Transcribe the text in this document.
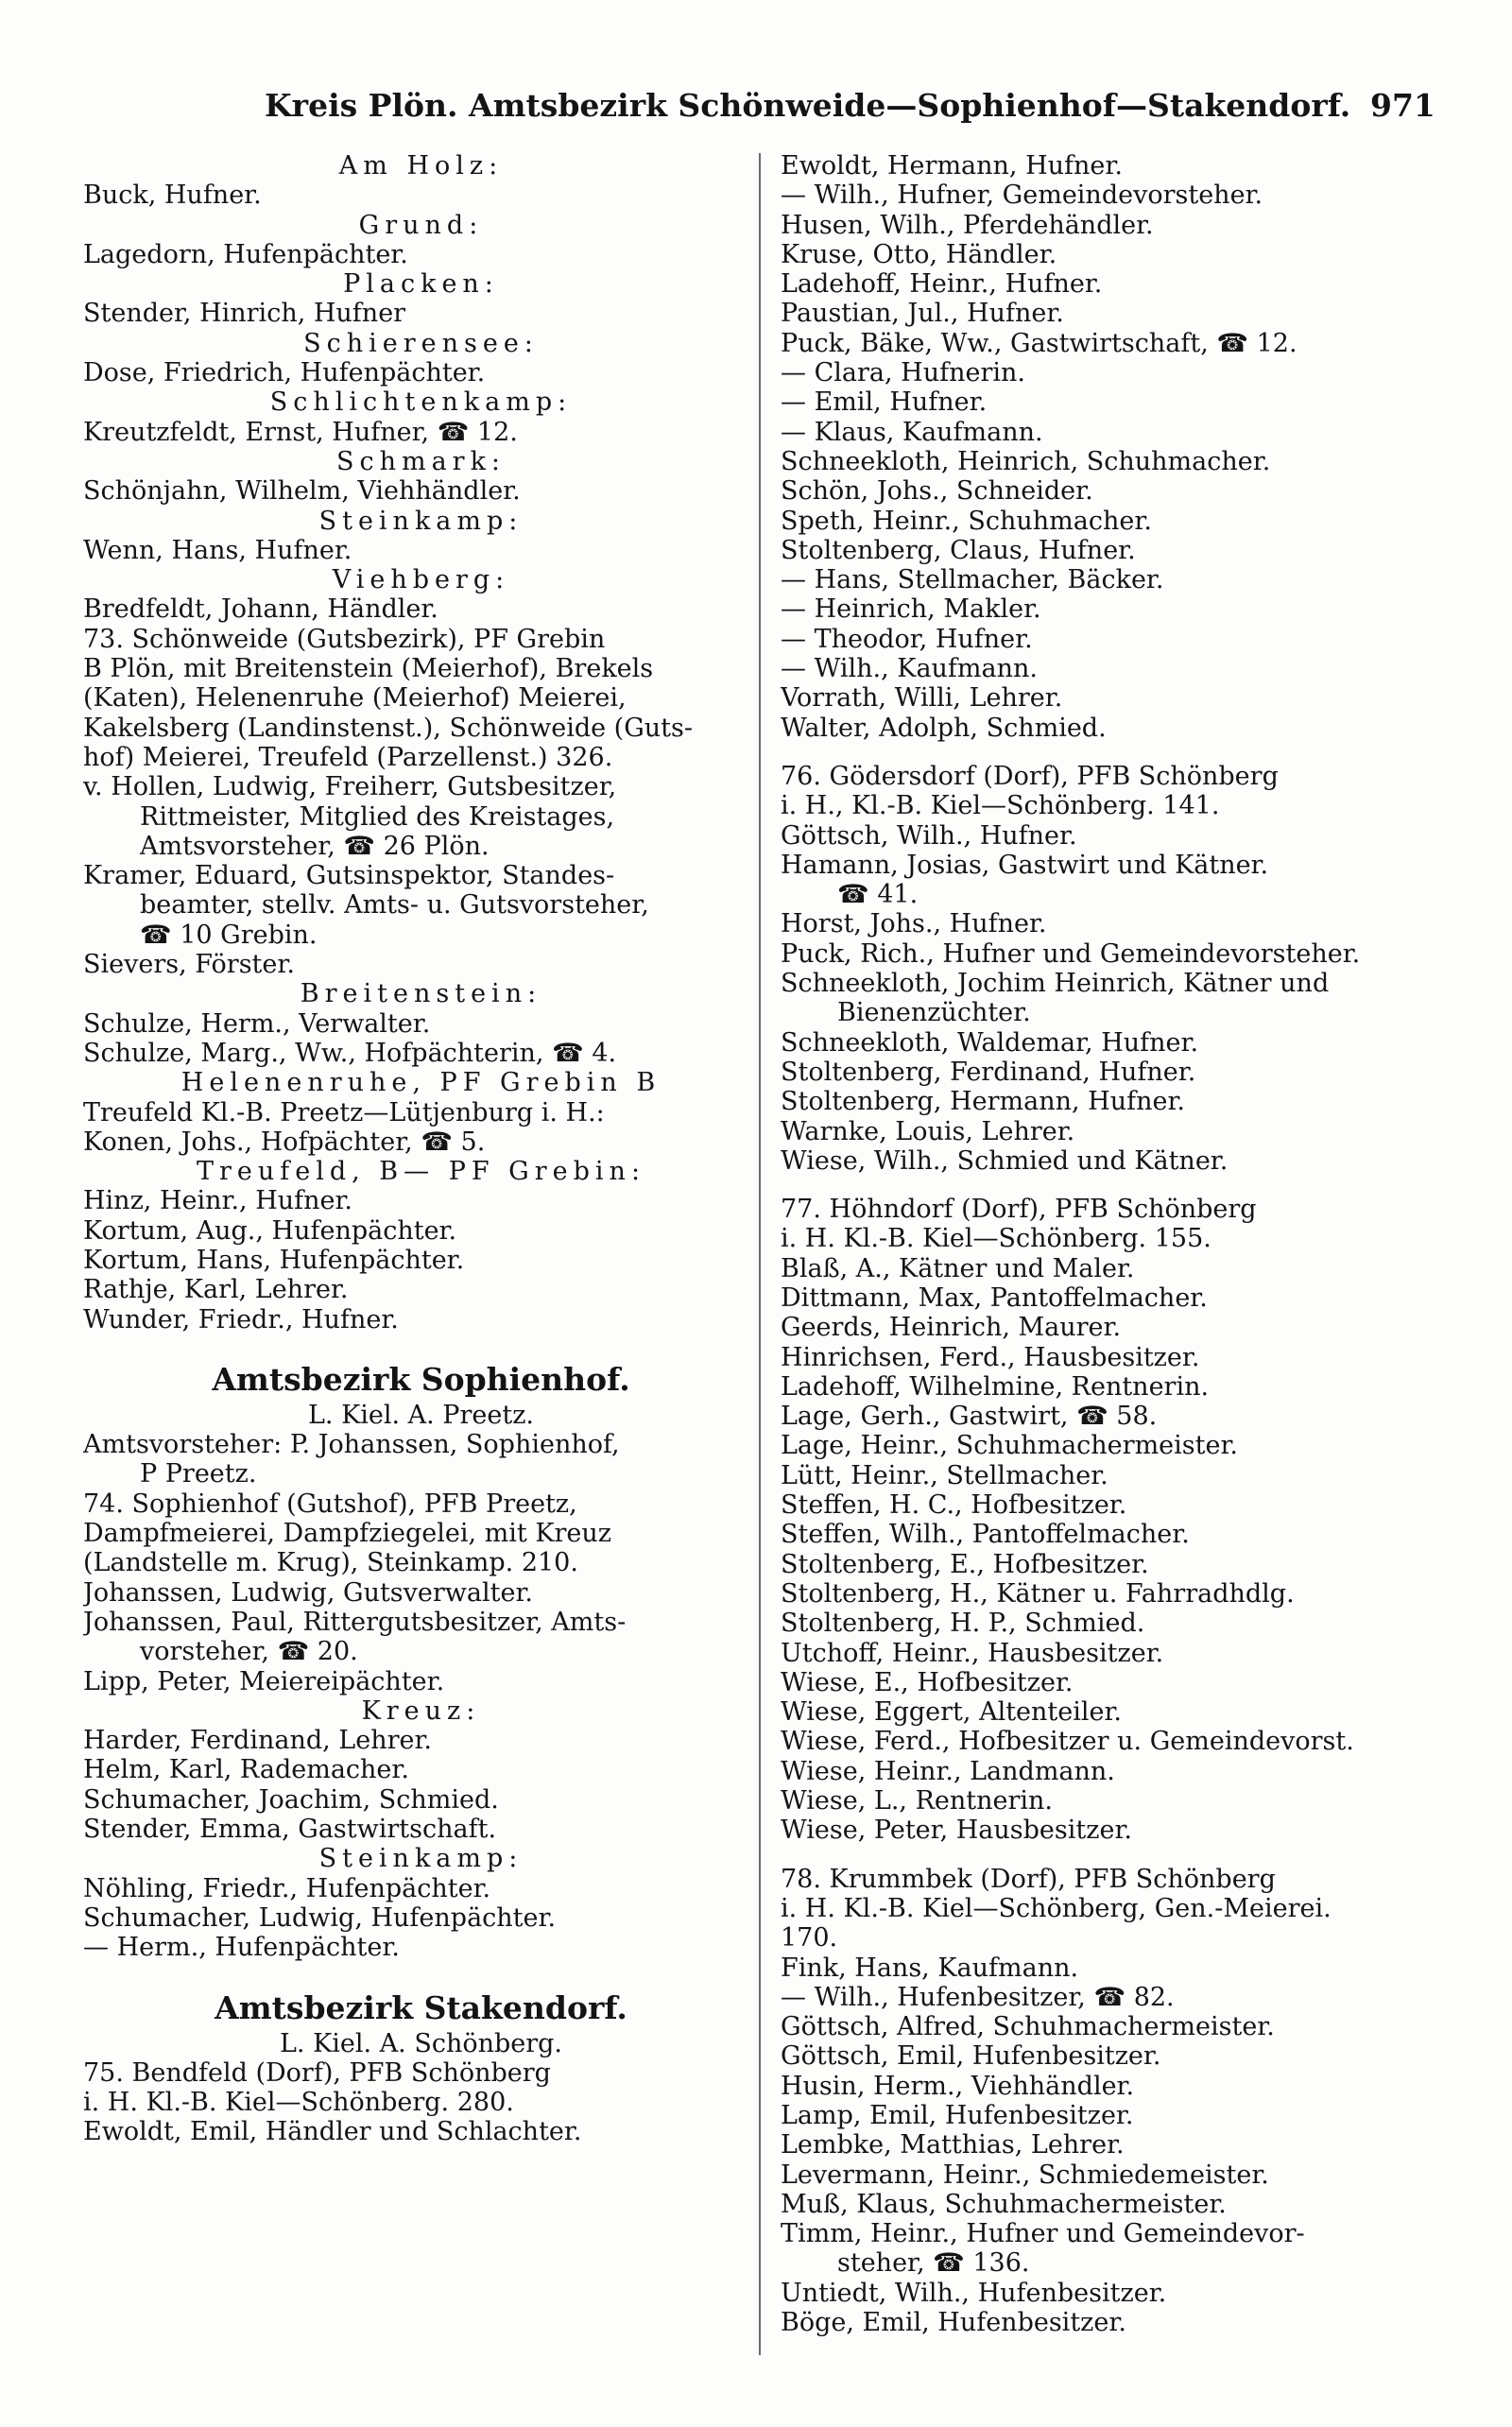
Kreis Plön. Amtsbezirk Schönweide—Sophienhof—Stakendorf. 971
Am Holz:
Buck, Hufner.
Grund:
Lagedorn, Hufenpächter.
Placken:
Stender, Hinrich, Hufner
Schierensee:
Dose, Friedrich, Hufenpächter.
Schlichtenkamp:
Kreutzfeldt, Ernst, Hufner, ☎ 12.
Schmark:
Schönjahn, Wilhelm, Viehhändler.
Steinkamp:
Wenn, Hans, Hufner.
Viehberg:
Bredfeldt, Johann, Händler.
73. Schönweide (Gutsbezirk), PF Grebin
B Plön, mit Breitenstein (Meierhof), Brekels
(Katen), Helenenruhe (Meierhof) Meierei,
Kakelsberg (Landinstenst.), Schönweide (Guts-
hof) Meierei, Treufeld (Parzellenst.) 326.
v. Hollen, Ludwig, Freiherr, Gutsbesitzer,
Rittmeister, Mitglied des Kreistages,
Amtsvorsteher, ☎ 26 Plön.
Kramer, Eduard, Gutsinspektor, Standes-
beamter, stellv. Amts- u. Gutsvorsteher,
☎ 10 Grebin.
Sievers, Förster.
Breitenstein:
Schulze, Herm., Verwalter.
Schulze, Marg., Ww., Hofpächterin, ☎ 4.
Helenenruhe, PF Grebin B
Treufeld Kl.-B. Preetz—Lütjenburg i. H.:
Konen, Johs., Hofpächter, ☎ 5.
Treufeld, B— PF Grebin:
Hinz, Heinr., Hufner.
Kortum, Aug., Hufenpächter.
Kortum, Hans, Hufenpächter.
Rathje, Karl, Lehrer.
Wunder, Friedr., Hufner.
Amtsbezirk Sophienhof.
L. Kiel. A. Preetz.
Amtsvorsteher: P. Johanssen, Sophienhof,
P Preetz.
74. Sophienhof (Gutshof), PFB Preetz,
Dampfmeierei, Dampfziegelei, mit Kreuz
(Landstelle m. Krug), Steinkamp. 210.
Johanssen, Ludwig, Gutsverwalter.
Johanssen, Paul, Rittergutsbesitzer, Amts-
vorsteher, ☎ 20.
Lipp, Peter, Meiereipächter.
Kreuz:
Harder, Ferdinand, Lehrer.
Helm, Karl, Rademacher.
Schumacher, Joachim, Schmied.
Stender, Emma, Gastwirtschaft.
Steinkamp:
Nöhling, Friedr., Hufenpächter.
Schumacher, Ludwig, Hufenpächter.
— Herm., Hufenpächter.
Amtsbezirk Stakendorf.
L. Kiel. A. Schönberg.
75. Bendfeld (Dorf), PFB Schönberg
i. H. Kl.-B. Kiel—Schönberg. 280.
Ewoldt, Emil, Händler und Schlachter.
Ewoldt, Hermann, Hufner.
— Wilh., Hufner, Gemeindevorsteher.
Husen, Wilh., Pferdehändler.
Kruse, Otto, Händler.
Ladehoff, Heinr., Hufner.
Paustian, Jul., Hufner.
Puck, Bäke, Ww., Gastwirtschaft, ☎ 12.
— Clara, Hufnerin.
— Emil, Hufner.
— Klaus, Kaufmann.
Schneekloth, Heinrich, Schuhmacher.
Schön, Johs., Schneider.
Speth, Heinr., Schuhmacher.
Stoltenberg, Claus, Hufner.
— Hans, Stellmacher, Bäcker.
— Heinrich, Makler.
— Theodor, Hufner.
— Wilh., Kaufmann.
Vorrath, Willi, Lehrer.
Walter, Adolph, Schmied.
76. Gödersdorf (Dorf), PFB Schönberg
i. H., Kl.-B. Kiel—Schönberg. 141.
Göttsch, Wilh., Hufner.
Hamann, Josias, Gastwirt und Kätner.
☎ 41.
Horst, Johs., Hufner.
Puck, Rich., Hufner und Gemeindevorsteher.
Schneekloth, Jochim Heinrich, Kätner und
Bienenzüchter.
Schneekloth, Waldemar, Hufner.
Stoltenberg, Ferdinand, Hufner.
Stoltenberg, Hermann, Hufner.
Warnke, Louis, Lehrer.
Wiese, Wilh., Schmied und Kätner.
77. Höhndorf (Dorf), PFB Schönberg
i. H. Kl.-B. Kiel—Schönberg. 155.
Blaß, A., Kätner und Maler.
Dittmann, Max, Pantoffelmacher.
Geerds, Heinrich, Maurer.
Hinrichsen, Ferd., Hausbesitzer.
Ladehoff, Wilhelmine, Rentnerin.
Lage, Gerh., Gastwirt, ☎ 58.
Lage, Heinr., Schuhmachermeister.
Lütt, Heinr., Stellmacher.
Steffen, H. C., Hofbesitzer.
Steffen, Wilh., Pantoffelmacher.
Stoltenberg, E., Hofbesitzer.
Stoltenberg, H., Kätner u. Fahrradhdlg.
Stoltenberg, H. P., Schmied.
Utchoff, Heinr., Hausbesitzer.
Wiese, E., Hofbesitzer.
Wiese, Eggert, Altenteiler.
Wiese, Ferd., Hofbesitzer u. Gemeindevorst.
Wiese, Heinr., Landmann.
Wiese, L., Rentnerin.
Wiese, Peter, Hausbesitzer.
78. Krummbek (Dorf), PFB Schönberg
i. H. Kl.-B. Kiel—Schönberg, Gen.-Meierei.
170.
Fink, Hans, Kaufmann.
— Wilh., Hufenbesitzer, ☎ 82.
Göttsch, Alfred, Schuhmachermeister.
Göttsch, Emil, Hufenbesitzer.
Husin, Herm., Viehhändler.
Lamp, Emil, Hufenbesitzer.
Lembke, Matthias, Lehrer.
Levermann, Heinr., Schmiedemeister.
Muß, Klaus, Schuhmachermeister.
Timm, Heinr., Hufner und Gemeindevor-
steher, ☎ 136.
Untiedt, Wilh., Hufenbesitzer.
Böge, Emil, Hufenbesitzer.
